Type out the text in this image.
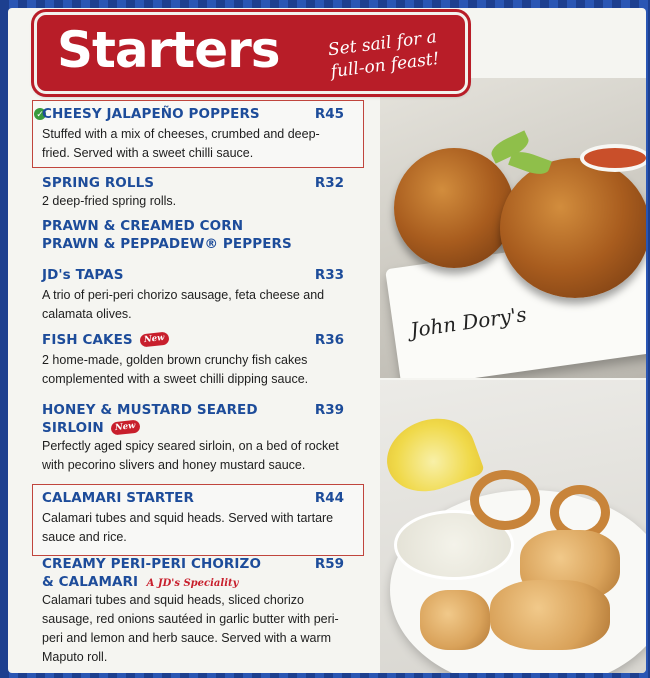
John Dory's
Starters	Set sail for a full-on feast!
✓
CHEESY JALAPEÑO POPPERS	R45
Stuffed with a mix of cheeses, crumbed and deep-fried. Served with a sweet chilli sauce.
SPRING ROLLS	R32
2 deep-fried spring rolls.
PRAWN & CREAMED CORN
PRAWN & PEPPADEW® PEPPERS
JD's TAPAS	R33
A trio of peri-peri chorizo sausage, feta cheese and calamata olives.
FISH CAKES New	R36
2 home-made, golden brown crunchy fish cakes complemented with a sweet chilli dipping sauce.
HONEY & MUSTARD SEARED
SIRLOIN New
R39
Perfectly aged spicy seared sirloin, on a bed of rocket with pecorino slivers and honey mustard sauce.
CALAMARI STARTER	R44
Calamari tubes and squid heads. Served with tartare sauce and rice.
CREAMY PERI-PERI CHORIZO
& CALAMARI A JD's Speciality
R59
Calamari tubes and squid heads, sliced chorizo sausage, red onions sautéed in garlic butter with peri-peri and lemon and herb sauce. Served with a warm Maputo roll.
